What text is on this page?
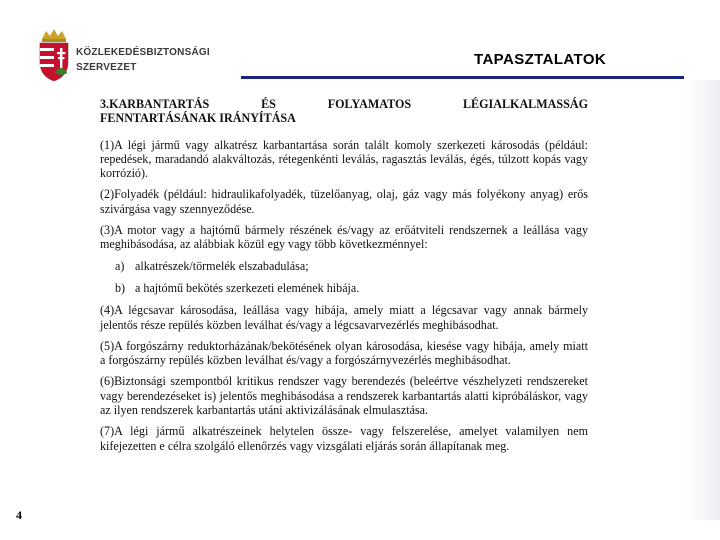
KÖZLEKEDÉSBIZTONSÁGI
SZERVEZET	TAPASZTALATOK
3.KARBANTARTÁS	ÉS	FOLYAMATOS	LÉGIALKALMASSÁG
FENNTARTÁSÁNAK IRÁNYÍTÁSA
(1)A légi jármű vagy alkatrész karbantartása során talált komoly szerkezeti károsodás (például: repedések, maradandó alakváltozás, rétegenkénti leválás, ragasztás leválás, égés, túlzott kopás vagy korrózió).
(2)Folyadék (például: hidraulikafolyadék, tüzelőanyag, olaj, gáz vagy más folyékony anyag) erős szivárgása vagy szennyeződése.
(3)A motor vagy a hajtómű bármely részének és/vagy az erőátviteli rendszernek a leállása vagy meghibásodása, az alábbiak közül egy vagy több következménnyel:
a) alkatrészek/törmelék elszabadulása;
b) a hajtómű bekötés szerkezeti elemének hibája.
(4)A légcsavar károsodása, leállása vagy hibája, amely miatt a légcsavar vagy annak bármely jelentős része repülés közben leválhat és/vagy a légcsavarvezérlés meghibásodhat.
(5)A forgószárny reduktorházának/bekötésének olyan károsodása, kiesése vagy hibája, amely miatt a forgószárny repülés közben leválhat és/vagy a forgószárnyvezérlés meghibásodhat.
(6)Biztonsági szempontból kritikus rendszer vagy berendezés (beleértve vészhelyzeti rendszereket vagy berendezéseket is) jelentős meghibásodása a rendszerek karbantartás alatti kipróbáláskor, vagy az ilyen rendszerek karbantartás utáni aktivizálásának elmulasztása.
(7)A légi jármű alkatrészeinek helytelen össze- vagy felszerelése, amelyet valamilyen nem kifejezetten e célra szolgáló ellenőrzés vagy vizsgálati eljárás során állapítanak meg.
4
